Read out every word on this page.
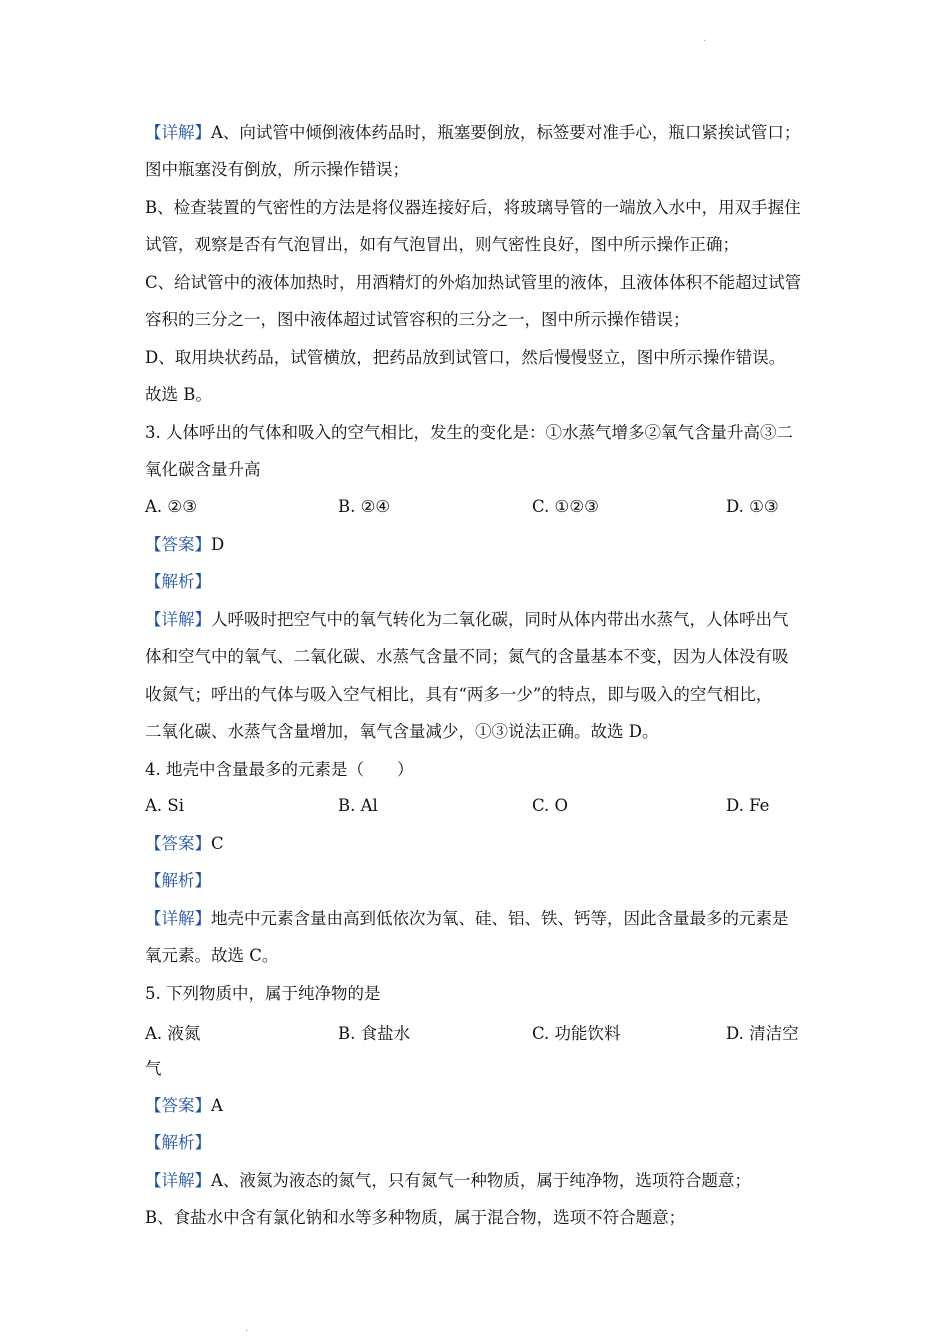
·
【详解】A、向试管中倾倒液体药品时，瓶塞要倒放，标签要对准手心，瓶口紧挨试管口；
图中瓶塞没有倒放，所示操作错误；
B、检查装置的气密性的方法是将仪器连接好后，将玻璃导管的一端放入水中，用双手握住
试管，观察是否有气泡冒出，如有气泡冒出，则气密性良好，图中所示操作正确；
C、给试管中的液体加热时，用酒精灯的外焰加热试管里的液体，且液体体积不能超过试管
容积的三分之一，图中液体超过试管容积的三分之一，图中所示操作错误；
D、取用块状药品，试管横放，把药品放到试管口，然后慢慢竖立，图中所示操作错误。
故选 B。
3. 人体呼出的气体和吸入的空气相比，发生的变化是：①水蒸气增多②氧气含量升高③二
氧化碳含量升高
A. ②③	B. ②④	C. ①②③	D. ①③
【答案】D
【解析】
【详解】人呼吸时把空气中的氧气转化为二氧化碳，同时从体内带出水蒸气，人体呼出气
体和空气中的氧气、二氧化碳、水蒸气含量不同；氮气的含量基本不变，因为人体没有吸
收氮气；呼出的气体与吸入空气相比，具有“两多一少”的特点，即与吸入的空气相比，
二氧化碳、水蒸气含量增加，氧气含量减少，①③说法正确。故选 D。
4. 地壳中含量最多的元素是（　　）
A. Si	B. Al	C. O	D. Fe
【答案】C
【解析】
【详解】地壳中元素含量由高到低依次为氧、硅、铝、铁、钙等，因此含量最多的元素是
氧元素。故选 C。
5. 下列物质中，属于纯净物的是
A. 液氮	B. 食盐水	C. 功能饮料	D. 清洁空
气
【答案】A
【解析】
【详解】A、液氮为液态的氮气，只有氮气一种物质，属于纯净物，选项符合题意；
B、食盐水中含有氯化钠和水等多种物质，属于混合物，选项不符合题意；
·
